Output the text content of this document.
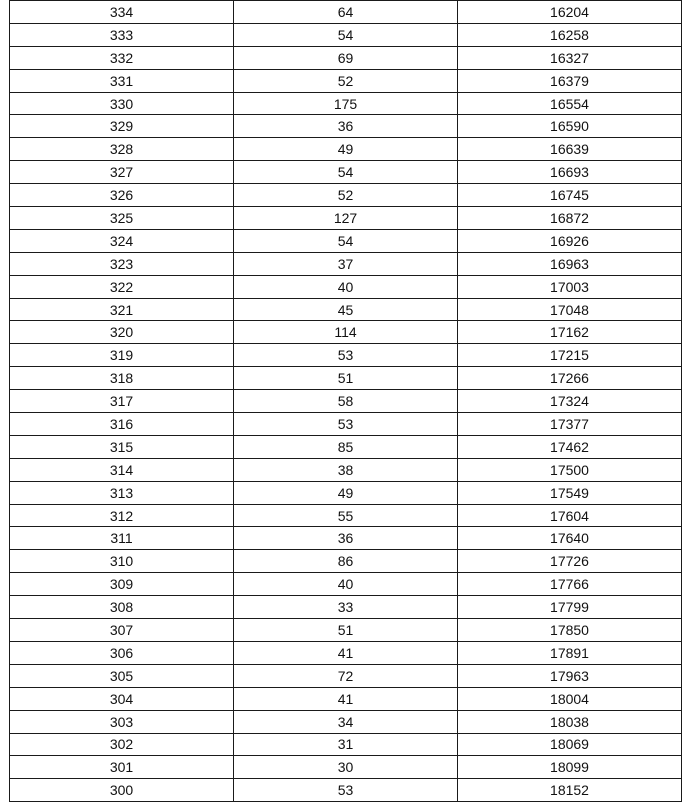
334	64	16204
333	54	16258
332	69	16327
331	52	16379
330	175	16554
329	36	16590
328	49	16639
327	54	16693
326	52	16745
325	127	16872
324	54	16926
323	37	16963
322	40	17003
321	45	17048
320	114	17162
319	53	17215
318	51	17266
317	58	17324
316	53	17377
315	85	17462
314	38	17500
313	49	17549
312	55	17604
311	36	17640
310	86	17726
309	40	17766
308	33	17799
307	51	17850
306	41	17891
305	72	17963
304	41	18004
303	34	18038
302	31	18069
301	30	18099
300	53	18152
